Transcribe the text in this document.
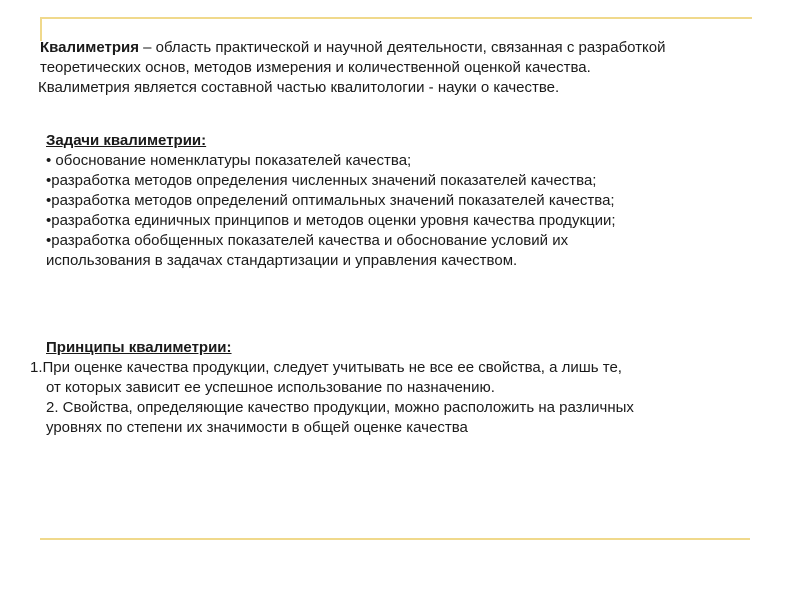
Квалиметрия – область практической и научной деятельности, связанная с разработкой
теоретических основ, методов измерения и количественной оценкой качества.
Квалиметрия является составной частью квалитологии - науки о качестве.
Задачи квалиметрии:
• обоснование номенклатуры показателей качества;
•разработка методов определения численных значений показателей качества;
•разработка методов определений оптимальных значений показателей качества;
•разработка единичных принципов и методов оценки уровня качества продукции;
•разработка обобщенных показателей качества и обоснование условий их
использования в задачах стандартизации и управления качеством.
Принципы квалиметрии:
1.При оценке качества продукции, следует учитывать не все ее свойства, а лишь те,
от которых зависит ее успешное использование по назначению.
2. Свойства, определяющие качество продукции, можно расположить на различных
уровнях по степени их значимости в общей оценке качества
